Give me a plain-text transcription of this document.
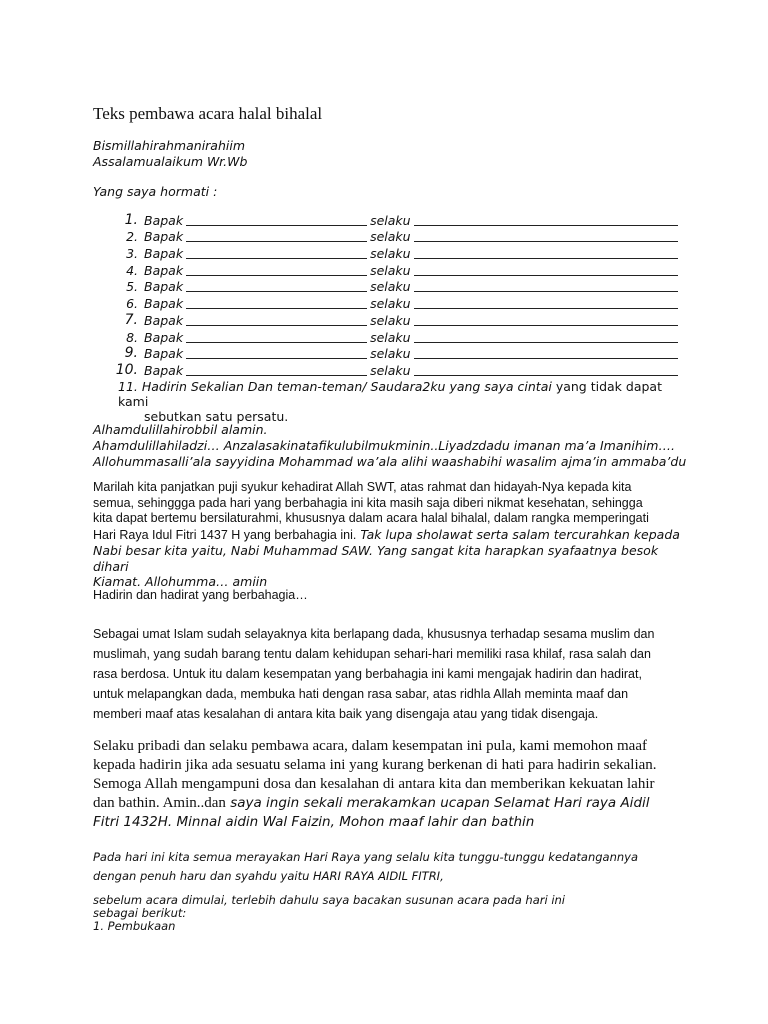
Teks pembawa acara halal bihalal
Bismillahirahmanirahiim
Assalamualaikum Wr.Wb
Yang saya hormati :
1. Bapak	selaku
2. Bapak	selaku
3. Bapak	selaku
4. Bapak	selaku
5. Bapak	selaku
6. Bapak	selaku
7. Bapak	selaku
8. Bapak	selaku
9. Bapak	selaku
10. Bapak	selaku
11. Hadirin Sekalian Dan teman-teman/ Saudara2ku yang saya cintai yang tidak dapat kami
sebutkan satu persatu.
Alhamdulillahirobbil alamin.
Ahamdulillahiladzi… Anzalasakinatafikulubilmukminin..Liyadzdadu imanan ma’a Imanihim….
Allohummasalli’ala sayyidina Mohammad wa’ala alihi waashabihi wasalim ajma’in ammaba’du
Marilah kita panjatkan puji syukur kehadirat Allah SWT, atas rahmat dan hidayah-Nya kepada kita
semua, sehinggga pada hari yang berbahagia ini kita masih saja diberi nikmat kesehatan, sehingga
kita dapat bertemu bersilaturahmi, khususnya dalam acara halal bihalal, dalam rangka memperingati
Hari Raya Idul Fitri 1437 H yang berbahagia ini. Tak lupa sholawat serta salam tercurahkan kepada
Nabi besar kita yaitu, Nabi Muhammad SAW. Yang sangat kita harapkan syafaatnya besok dihari
Kiamat. Allohumma… amiin
Hadirin dan hadirat yang berbahagia…
Sebagai umat Islam sudah selayaknya kita berlapang dada, khususnya terhadap sesama muslim dan
muslimah, yang sudah barang tentu dalam kehidupan sehari-hari memiliki rasa khilaf, rasa salah dan
rasa berdosa. Untuk itu dalam kesempatan yang berbahagia ini kami mengajak hadirin dan hadirat,
untuk melapangkan dada, membuka hati dengan rasa sabar, atas ridhla Allah meminta maaf dan
memberi maaf atas kesalahan di antara kita baik yang disengaja atau yang tidak disengaja.
Selaku pribadi dan selaku pembawa acara, dalam kesempatan ini pula, kami memohon maaf
kepada hadirin jika ada sesuatu selama ini yang kurang berkenan di hati para hadirin sekalian.
Semoga Allah mengampuni dosa dan kesalahan di antara kita dan memberikan kekuatan lahir
dan bathin. Amin..dan saya ingin sekali merakamkan ucapan Selamat Hari raya Aidil
Fitri 1432H. Minnal aidin Wal Faizin, Mohon maaf lahir dan bathin
Pada hari ini kita semua merayakan Hari Raya yang selalu kita tunggu-tunggu kedatangannya
dengan penuh haru dan syahdu yaitu HARI RAYA AIDIL FITRI,
sebelum acara dimulai, terlebih dahulu saya bacakan susunan acara pada hari ini
sebagai berikut:
1. Pembukaan
